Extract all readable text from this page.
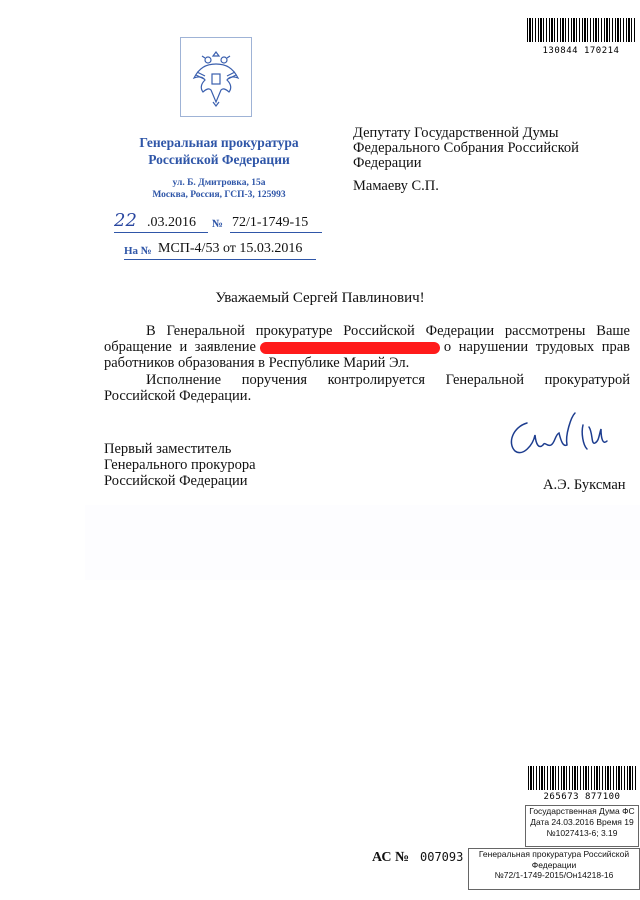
130844 170214
Генеральная прокуратура
Российской Федерации
ул. Б. Дмитровка, 15а
Москва, Россия, ГСП-3, 125993
22 .03.2016 № 72/1-1749-15
На № МСП-4/53 от 15.03.2016
Депутату Государственной Думы
Федерального Собрания Российской
Федерации
Мамаеву С.П.
Уважаемый Сергей Павлинович!
В Генеральной прокуратуре Российской Федерации рассмотрены Ваше обращение и заявление	о нарушении трудовых прав работников образования в Республике Марий Эл.
Исполнение поручения контролируется Генеральной прокуратурой Российской Федерации.
Первый заместитель
Генерального прокурора
Российской Федерации	А.Э. Буксман
265673 877100
Государственная Дума ФС
Дата 24.03.2016 Время 19
№1027413-6; 3.19
АС № 007093	Генеральная прокуратура Российской
Федерации
№72/1-1749-2015/Он14218-16
